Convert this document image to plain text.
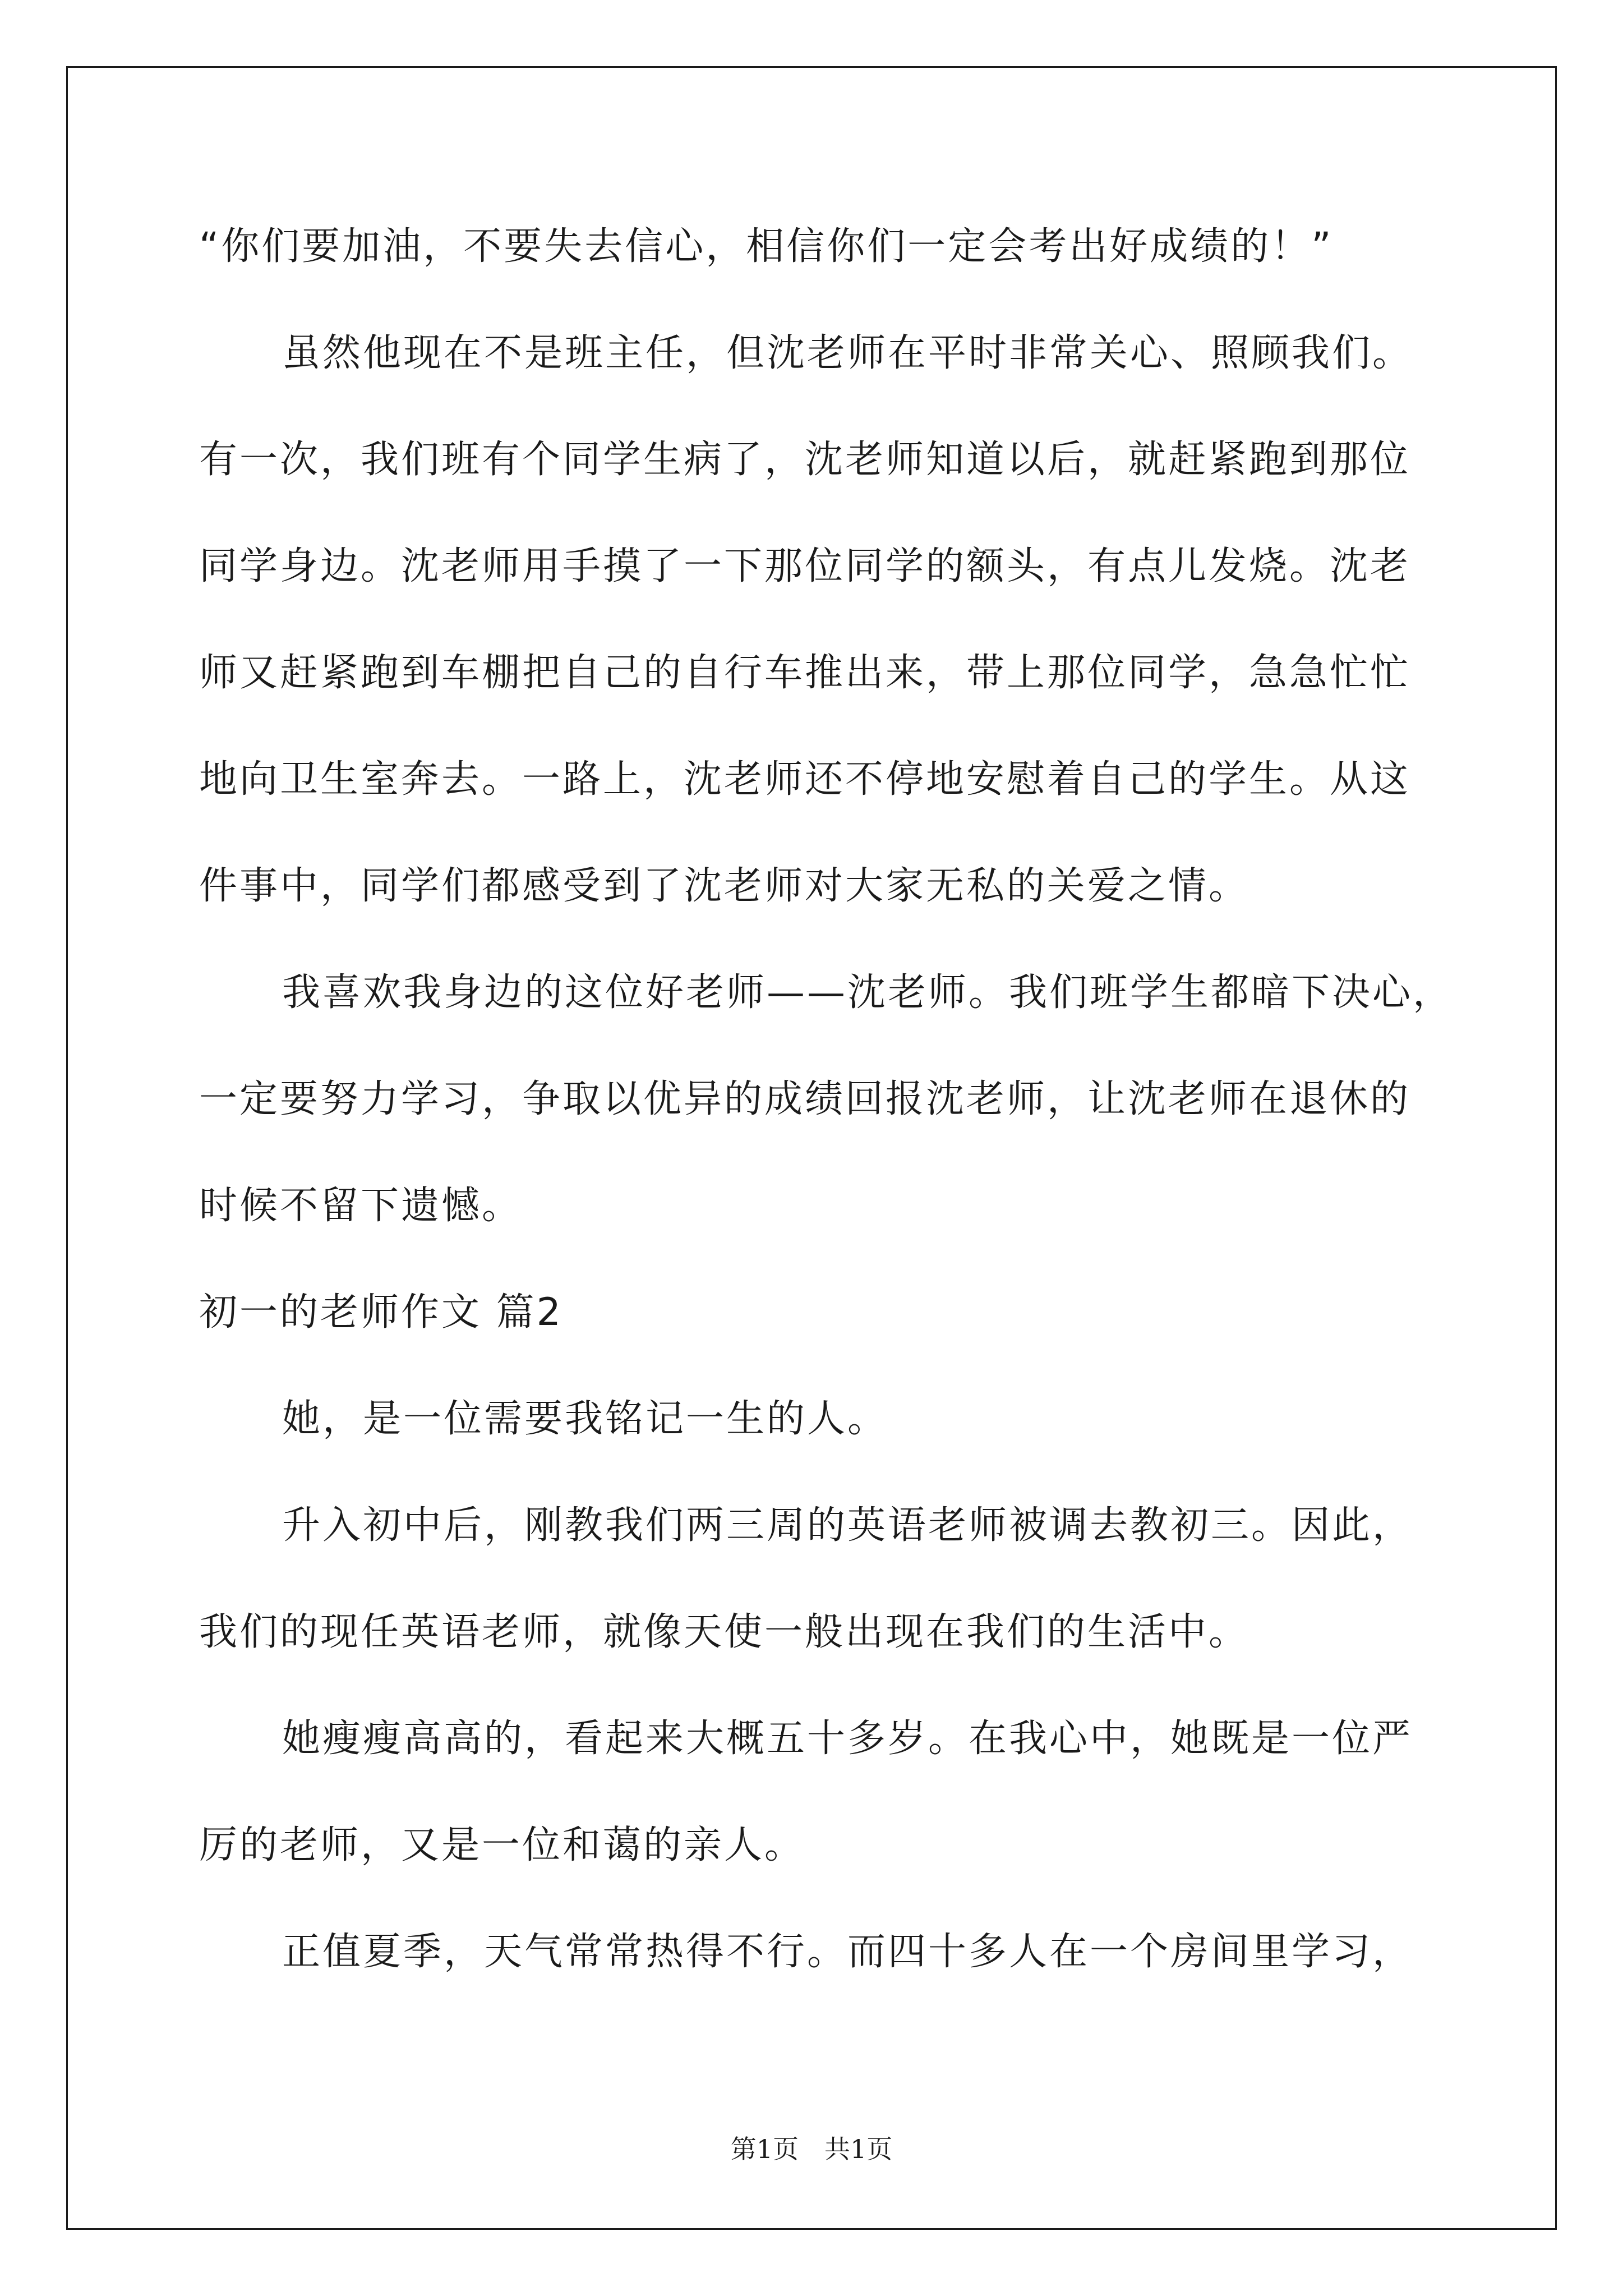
“你们要加油，不要失去信心，相信你们一定会考出好成绩的！”
虽然他现在不是班主任，但沈老师在平时非常关心、照顾我们。
有一次，我们班有个同学生病了，沈老师知道以后，就赶紧跑到那位
同学身边。沈老师用手摸了一下那位同学的额头，有点儿发烧。沈老
师又赶紧跑到车棚把自己的自行车推出来，带上那位同学，急急忙忙
地向卫生室奔去。一路上，沈老师还不停地安慰着自己的学生。从这
件事中，同学们都感受到了沈老师对大家无私的关爱之情。
我喜欢我身边的这位好老师——沈老师。我们班学生都暗下决心，
一定要努力学习，争取以优异的成绩回报沈老师，让沈老师在退休的
时候不留下遗憾。
初一的老师作文 篇2
她，是一位需要我铭记一生的人。
升入初中后，刚教我们两三周的英语老师被调去教初三。因此，
我们的现任英语老师，就像天使一般出现在我们的生活中。
她瘦瘦高高的，看起来大概五十多岁。在我心中，她既是一位严
厉的老师，又是一位和蔼的亲人。
正值夏季，天气常常热得不行。而四十多人在一个房间里学习，
第1页　共1页
